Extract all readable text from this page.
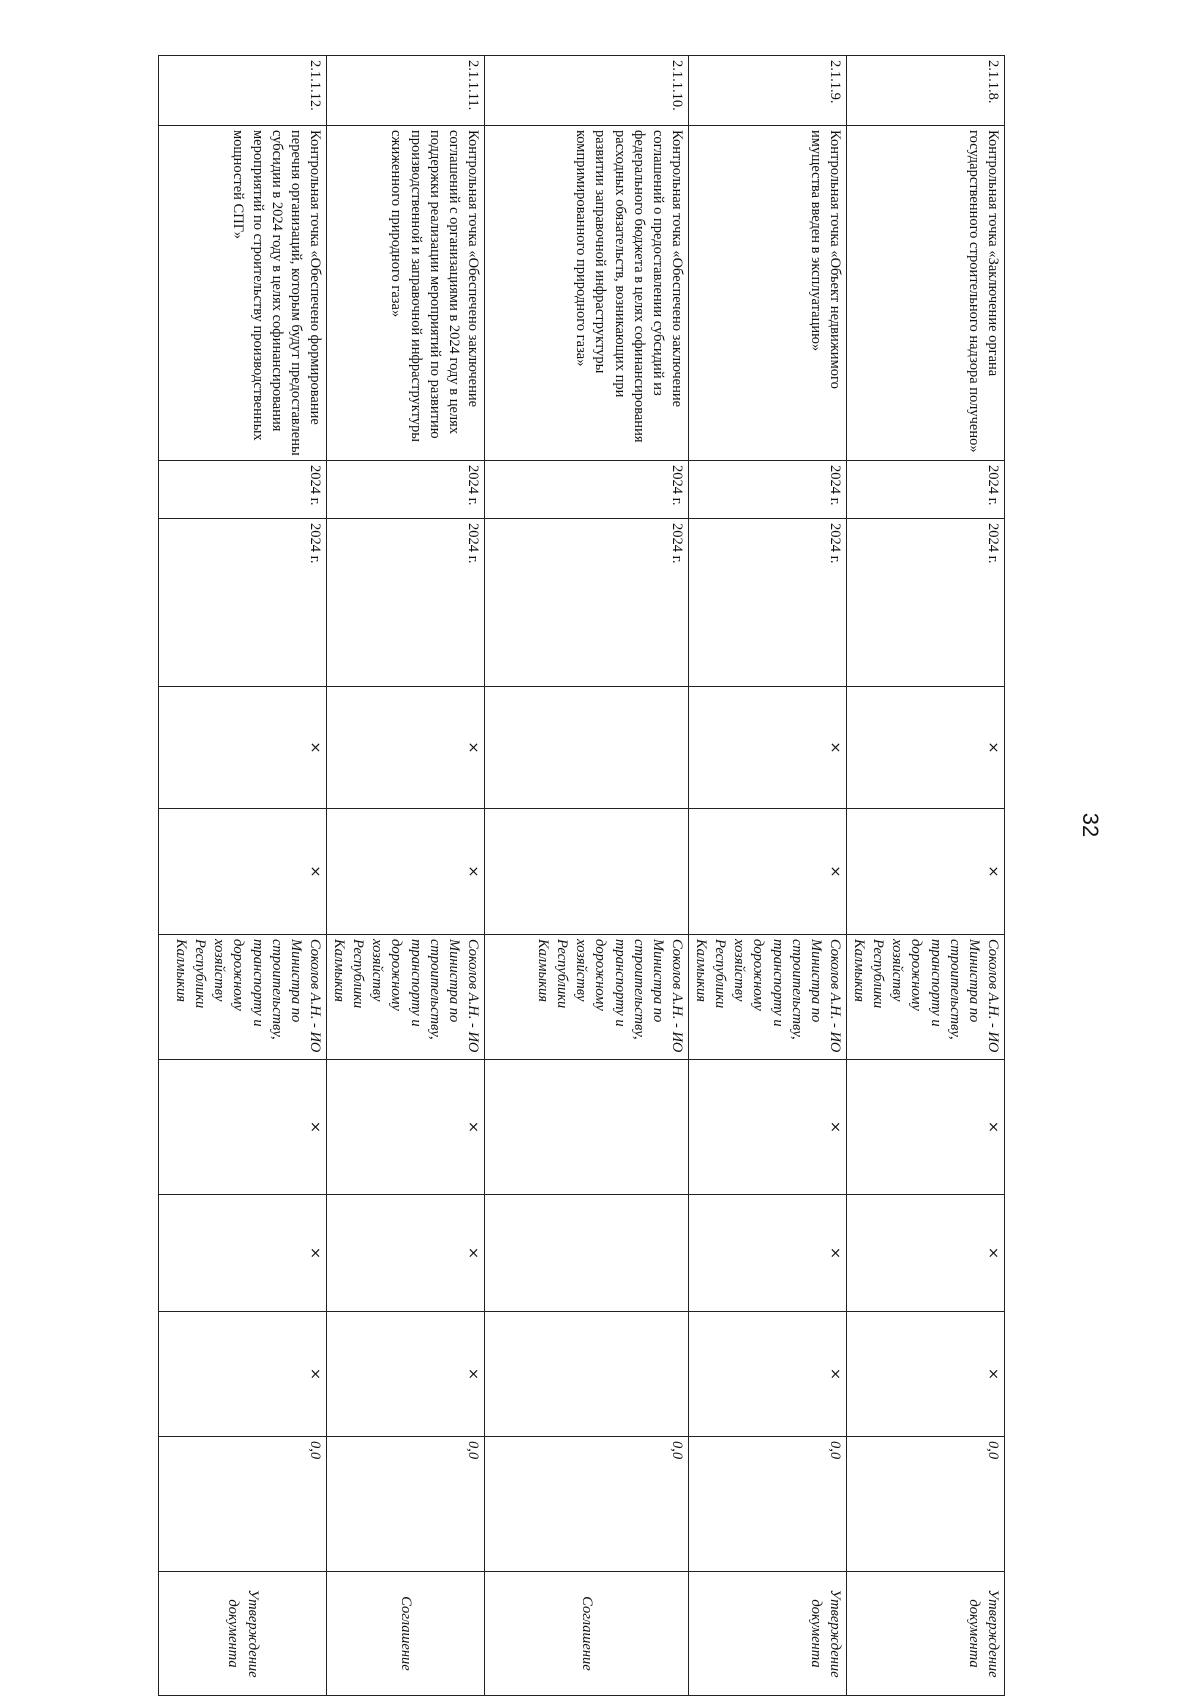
2.1.1.8.	Контрольная точка «Заключение органа государственного строительного надзора получено»	2024 г.	2024 г.	×	×	Соколов А.Н. - ИО Министра по строительству, транспорту и дорожному хозяйству Республики Калмыкия	×	×	×	0,0	Утверждение документа	
2.1.1.9.	Контрольная точка «Объект недвижимого имущества введен в эксплуатацию»	2024 г.	2024 г.	×	×	Соколов А.Н. - ИО Министра по строительству, транспорту и дорожному хозяйству Республики Калмыкия	×	×	×	0,0	Утверждение документа	
2.1.1.10.	Контрольная точка «Обеспечено заключение соглашений о предоставлении субсидий из федерального бюджета в целях софинансирования расходных обязательств, возникающих при развитии заправочной инфраструктуры компримированного природного газа»	2024 г.	2024 г.			Соколов А.Н. - ИО Министра по строительству, транспорту и дорожному хозяйству Республики Калмыкия				0,0	Соглашение	
2.1.1.11.	Контрольная точка «Обеспечено заключение соглашений с организациями в 2024 году в целях поддержки реализации мероприятий по развитию производственной и заправочной инфраструктуры сжиженного природного газа»	2024 г.	2024 г.	×	×	Соколов А.Н. - ИО Министра по строительству, транспорту и дорожному хозяйству Республики Калмыкия	×	×	×	0,0	Соглашение	
2.1.1.12.	Контрольная точка «Обеспечено формирование перечня организаций, которым будут предоставлены субсидии в 2024 году в целях софинансирования мероприятий по строительству производственных мощностей СПГ»	2024 г.	2024 г.	×	×	Соколов А.Н. - ИО Министра по строительству, транспорту и дорожному хозяйству Республики Калмыкия	×	×	×	0,0	Утверждение документа	
32
